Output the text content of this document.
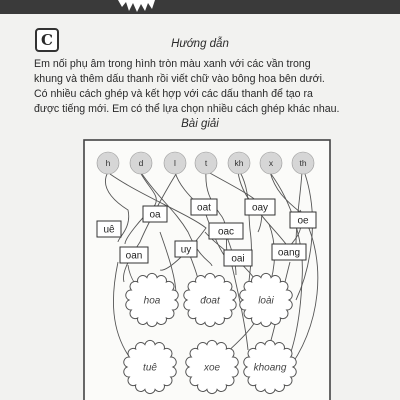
C	Hướng dẫn
Em nối phụ âm trong hình tròn màu xanh với các vần trong
khung và thêm dấu thanh rồi viết chữ vào bông hoa bên dưới.
Có nhiều cách ghép và kết hợp với các dấu thanh để tạo ra
được tiếng mới. Em có thể lựa chọn nhiều cách ghép khác nhau.
Bài giải
h	d	l	t	kh	x	th
oa
oat	oay
uê
oe
uy
oac
oan	oai
oang
hoa	đoat	loài
tuê	xoe	khoang
